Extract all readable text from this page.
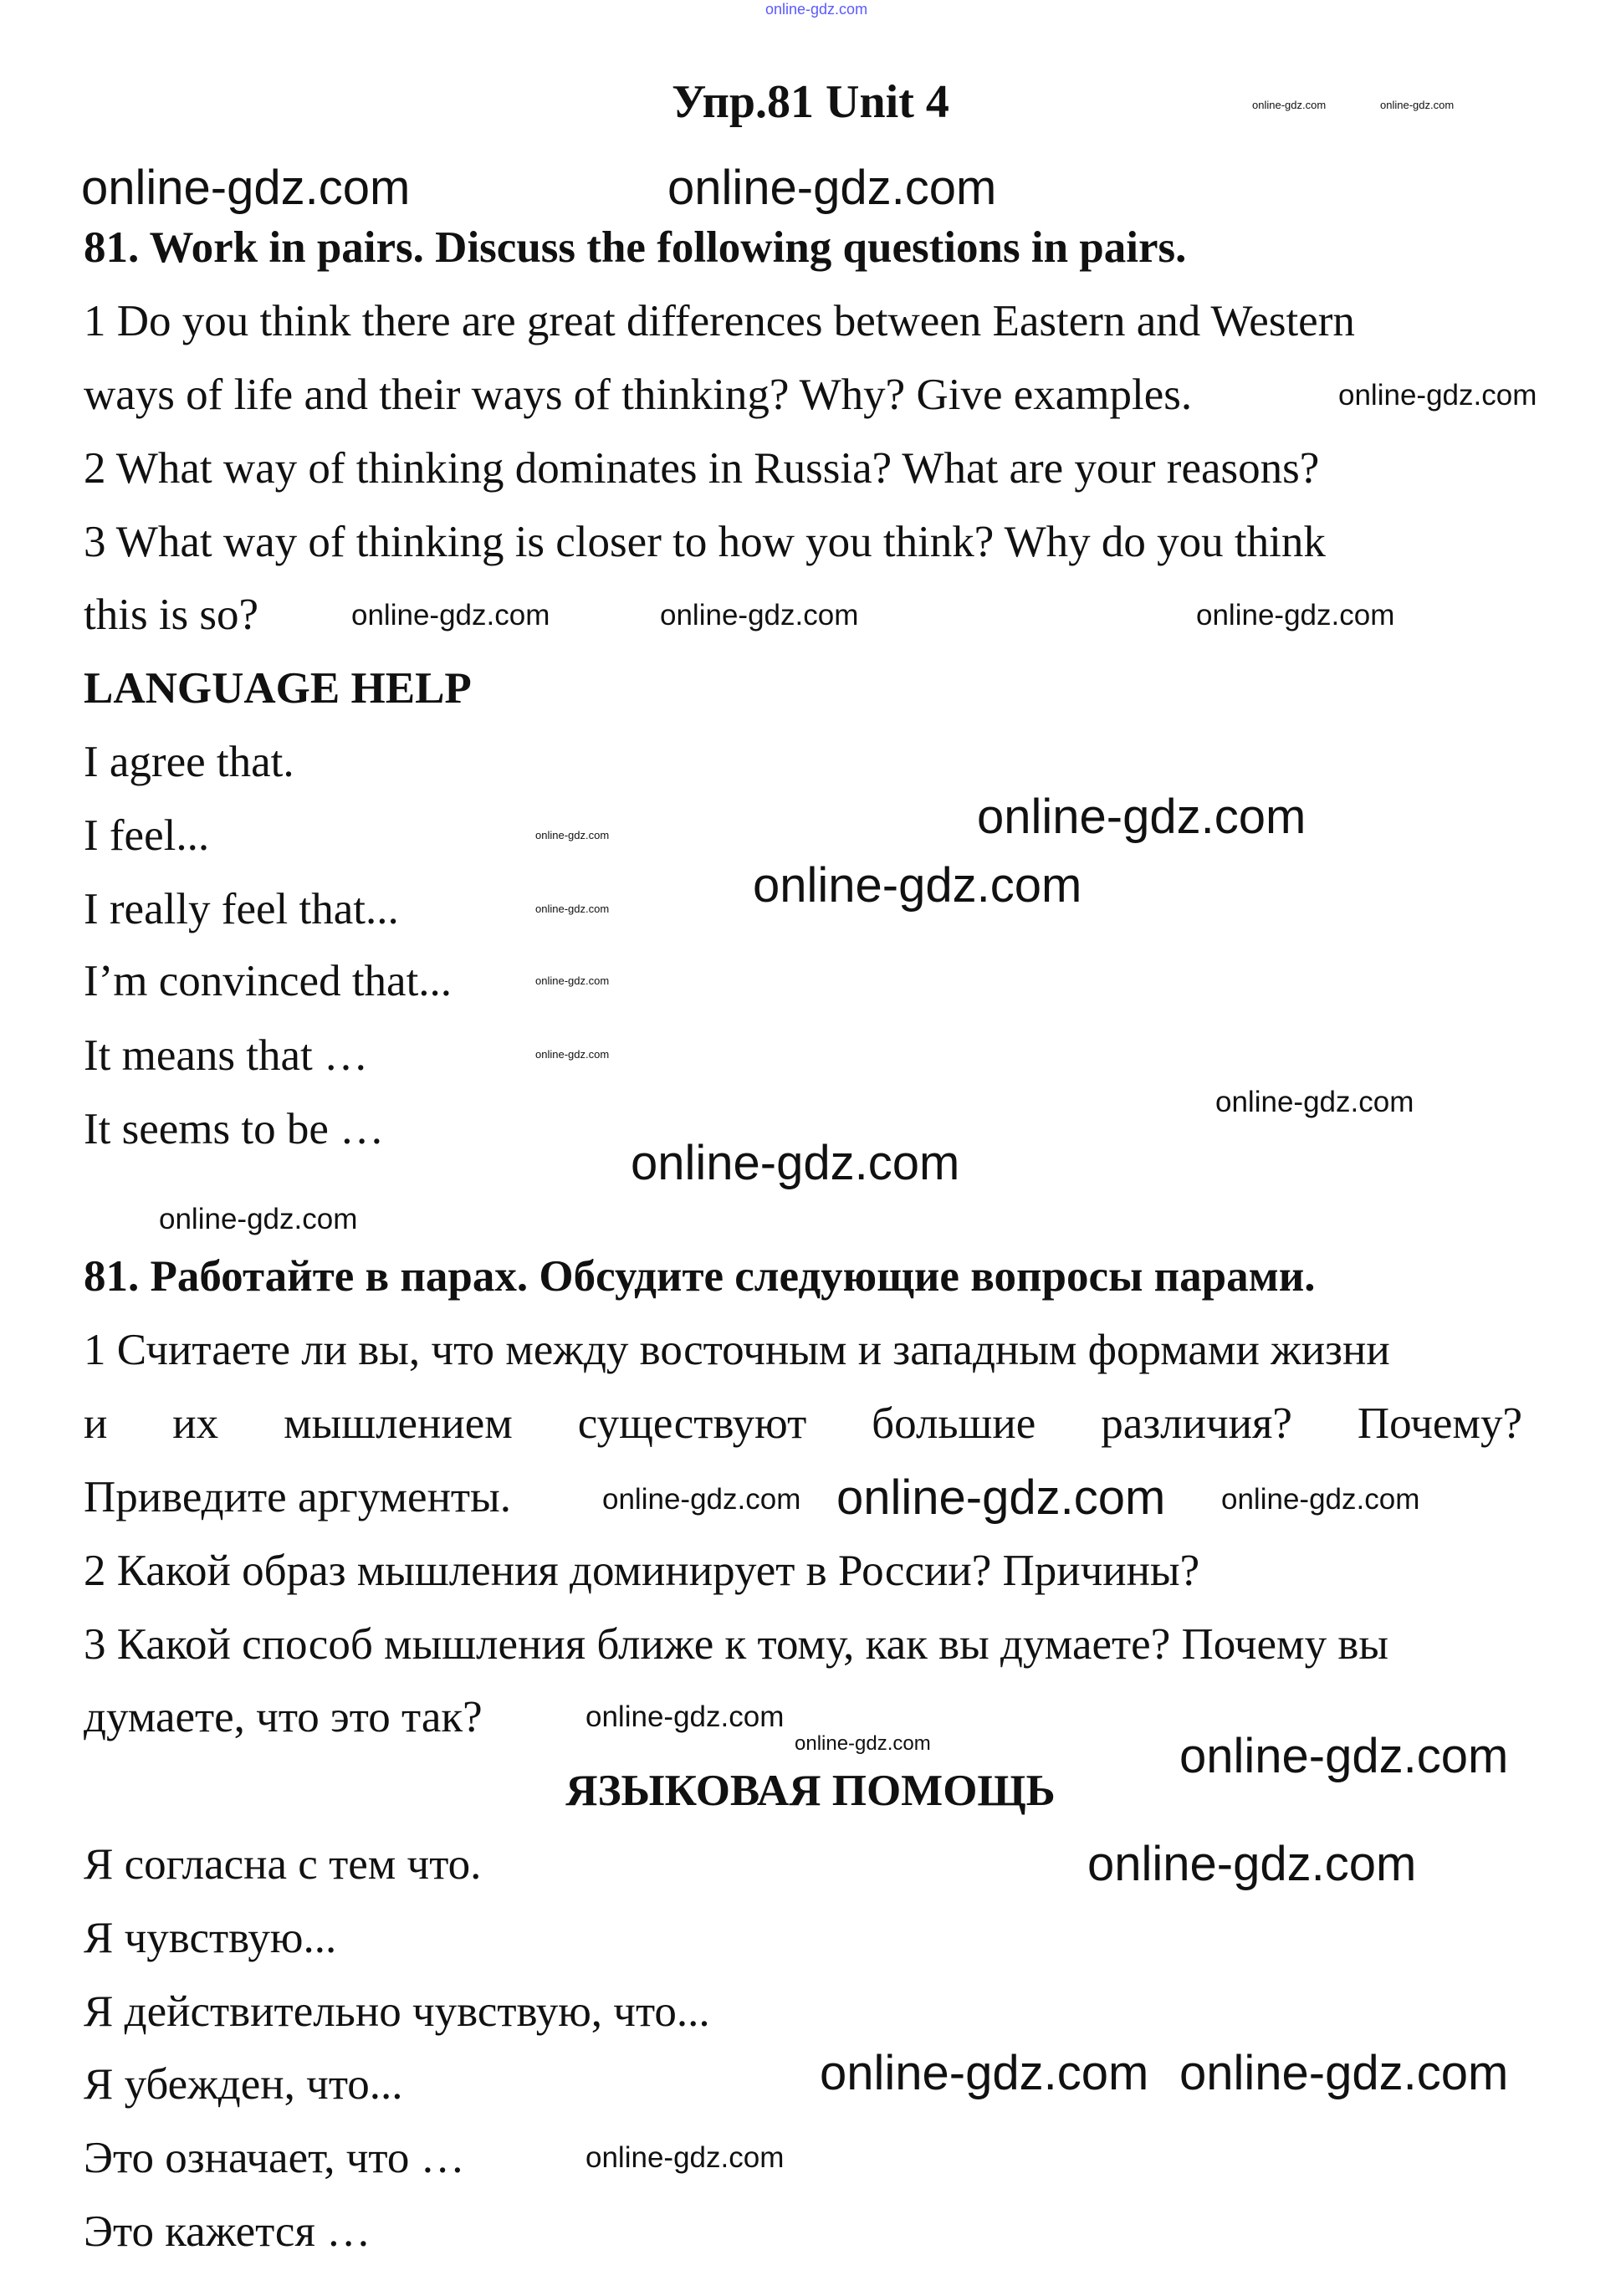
online-gdz.com
Упр.81 Unit 4
81. Work in pairs. Discuss the following questions in pairs.
1 Do you think there are great differences between Eastern and Western
ways of life and their ways of thinking? Why? Give examples.
2 What way of thinking dominates in Russia? What are your reasons?
3 What way of thinking is closer to how you think? Why do you think
this is so?
LANGUAGE HELP
I agree that.
I feel...
I really feel that...
I’m convinced that...
It means that …
It seems to be …
81. Работайте в парах. Обсудите следующие вопросы парами.
1 Считаете ли вы, что между восточным и западным формами жизни
и их мышлением существуют большие различия? Почему?
Приведите аргументы.
2 Какой образ мышления доминирует в России? Причины?
3 Какой способ мышления ближе к тому, как вы думаете? Почему вы
думаете, что это так?
ЯЗЫКОВАЯ ПОМОЩЬ
Я согласна с тем что.
Я чувствую...
Я действительно чувствую, что...
Я убежден, что...
Это означает, что …
Это кажется …
online-gdz.com	online-gdz.com
online-gdz.com	online-gdz.com
online-gdz.com
online-gdz.com	online-gdz.com
online-gdz.com
online-gdz.com
online-gdz.com
online-gdz.com
online-gdz.com
online-gdz.com
online-gdz.com
online-gdz.com
online-gdz.com
online-gdz.com
online-gdz.com
online-gdz.com online-gdz.com online-gdz.com
online-gdz.com
online-gdz.com
online-gdz.com
online-gdz.com online-gdz.com
online-gdz.com
